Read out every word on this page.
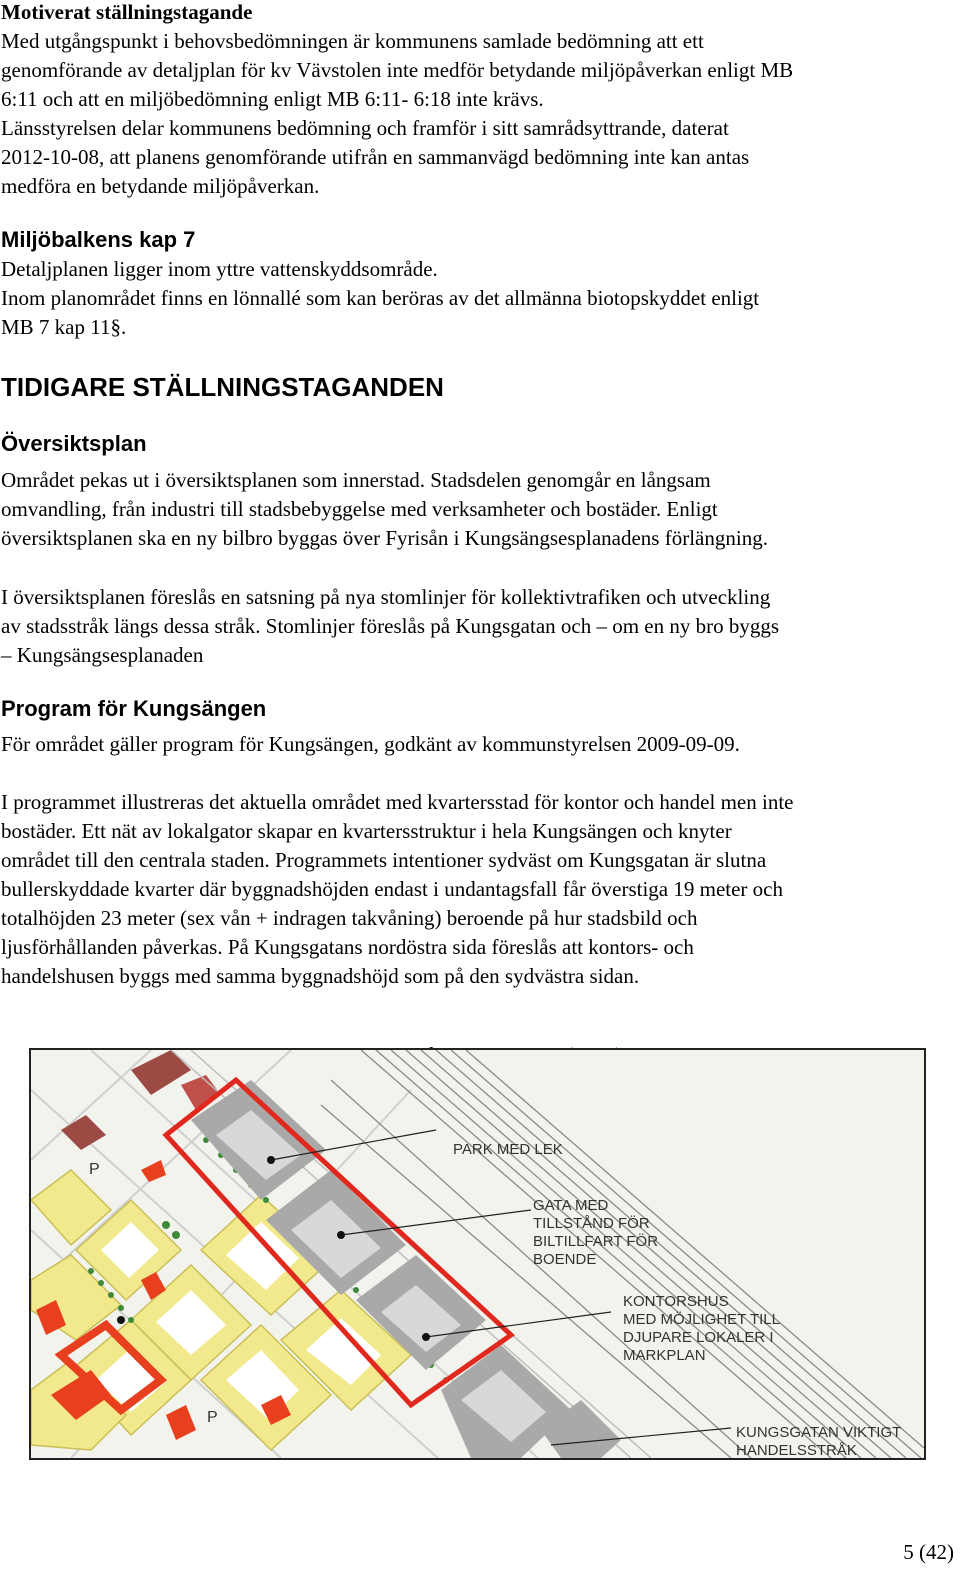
Motiverat ställningstagande

Med utgångspunkt i behovsbedömningen är kommunens samlade bedömning att ett

genomförande av detaljplan för kv Vävstolen inte medför betydande miljöpåverkan enligt MB

6:11 och att en miljöbedömning enligt MB 6:11- 6:18 inte krävs.

Länsstyrelsen delar kommunens bedömning och framför i sitt samrådsyttrande, daterat

2012-10-08, att planens genomförande utifrån en sammanvägd bedömning inte kan antas

medföra en betydande miljöpåverkan.

Miljöbalkens kap 7

Detaljplanen ligger inom yttre vattenskyddsområde.

Inom planområdet finns en lönnallé som kan beröras av det allmänna biotopskyddet enligt

MB 7 kap 11§.

TIDIGARE STÄLLNINGSTAGANDEN

Översiktsplan

Området pekas ut i översiktsplanen som innerstad. Stadsdelen genomgår en långsam

omvandling, från industri till stadsbebyggelse med verksamheter och bostäder. Enligt

översiktsplanen ska en ny bilbro byggas över Fyrisån i Kungsängsesplanadens förlängning.

I översiktsplanen föreslås en satsning på nya stomlinjer för kollektivtrafiken och utveckling

av stadsstråk längs dessa stråk. Stomlinjer föreslås på Kungsgatan och – om en ny bro byggs

– Kungsängsesplanaden

Program för Kungsängen

För området gäller program för Kungsängen, godkänt av kommunstyrelsen 2009-09-09.

I programmet illustreras det aktuella området med kvartersstad för kontor och handel men inte

bostäder. Ett nät av lokalgator skapar en kvartersstruktur i hela Kungsängen och knyter

området till den centrala staden. Programmets intentioner sydväst om Kungsgatan är slutna

bullerskyddade kvarter där byggnadshöjden endast i undantagsfall får överstiga 19 meter och

totalhöjden 23 meter (sex vån + indragen takvåning) beroende på hur stadsbild och

ljusförhållanden påverkas. På Kungsgatans nordöstra sida föreslås att kontors- och

handelshusen byggs med samma byggnadshöjd som på den sydvästra sidan.

PARK MED LEK
GATA MED
TILLSTÅND FÖR
BILTILLFART FÖR
BOENDE
KONTORSHUS
MED MÖJLIGHET TILL
DJUPARE LOKALER I
MARKPLAN
KUNGSGATAN VIKTIGT
HANDELSSTRÅK
P
P

5 (42)
